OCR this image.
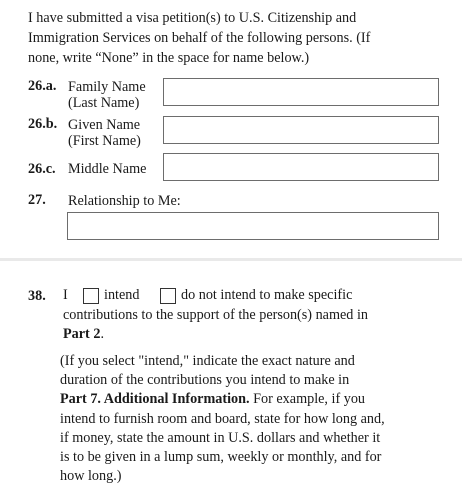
I have submitted a visa petition(s) to U.S. Citizenship and
Immigration Services on behalf of the following persons. (If
none, write “None” in the space for name below.)
26.a. Family Name
(Last Name)
26.b. Given Name
(First Name)
26.c. Middle Name
27. Relationship to Me:
38. I	intend	do not intend to make specific
contributions to the support of the person(s) named in
Part 2.
(If you select "intend," indicate the exact nature and
duration of the contributions you intend to make in
Part 7. Additional Information. For example, if you
intend to furnish room and board, state for how long and,
if money, state the amount in U.S. dollars and whether it
is to be given in a lump sum, weekly or monthly, and for
how long.)
